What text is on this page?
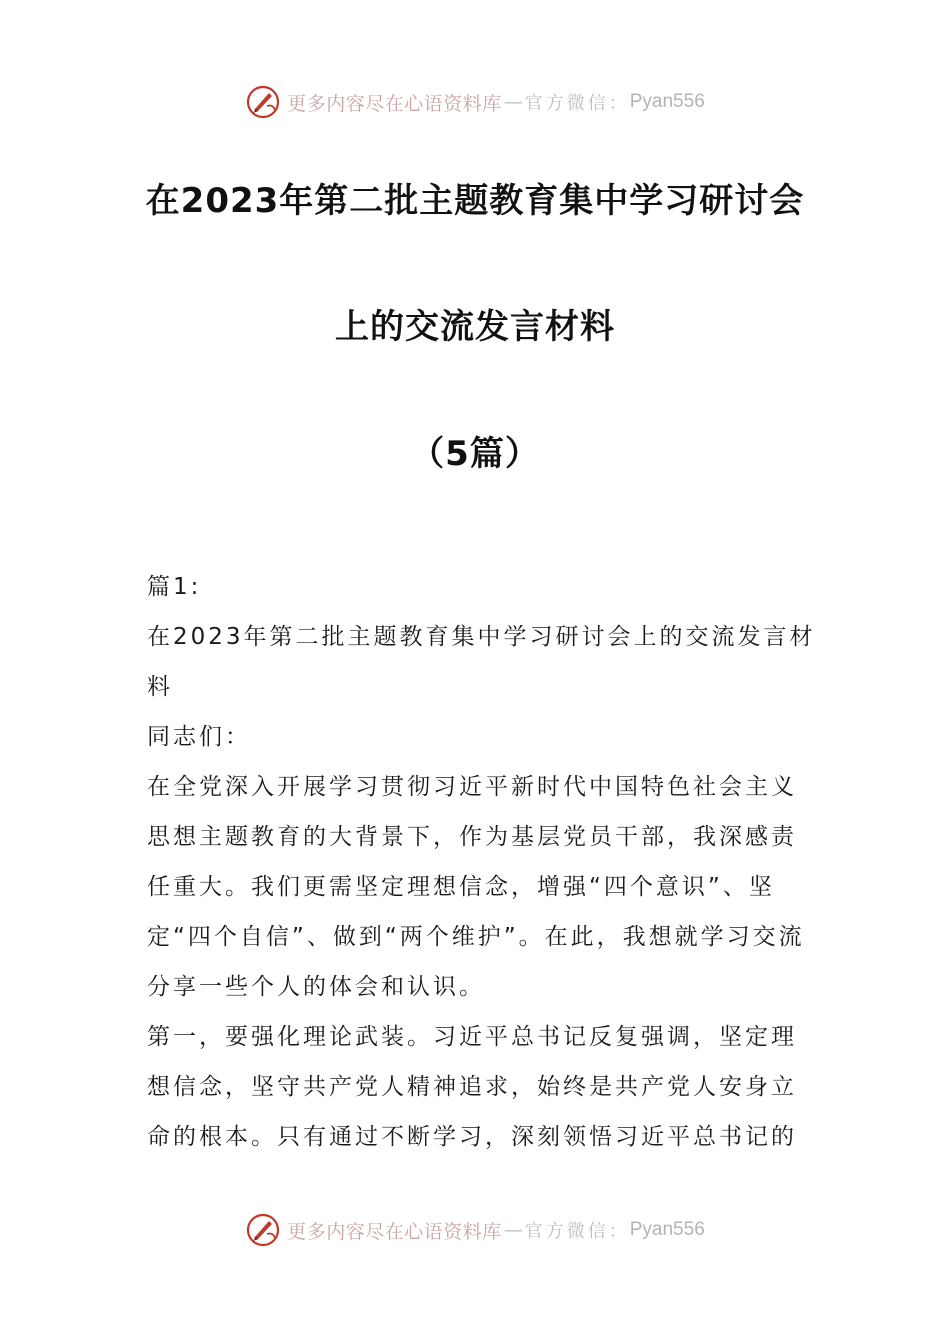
更多内容尽在心语资料库 — 官方微信： Pyan556
在2023年第二批主题教育集中学习研讨会
上的交流发言材料
（5篇）

篇1:

在2023年第二批主题教育集中学习研讨会上的交流发言材料

同志们：

在全党深入开展学习贯彻习近平新时代中国特色社会主义思想主题教育的大背景下，作为基层党员干部，我深感责任重大。我们更需坚定理想信念，增强“四个意识”、坚定“四个自信”、做到“两个维护”。在此，我想就学习交流分享一些个人的体会和认识。

第一，要强化理论武装。习近平总书记反复强调，坚定理想信念，坚守共产党人精神追求，始终是共产党人安身立命的根本。只有通过不断学习，深刻领悟习近平总书记的

更多内容尽在心语资料库 — 官方微信： Pyan556
